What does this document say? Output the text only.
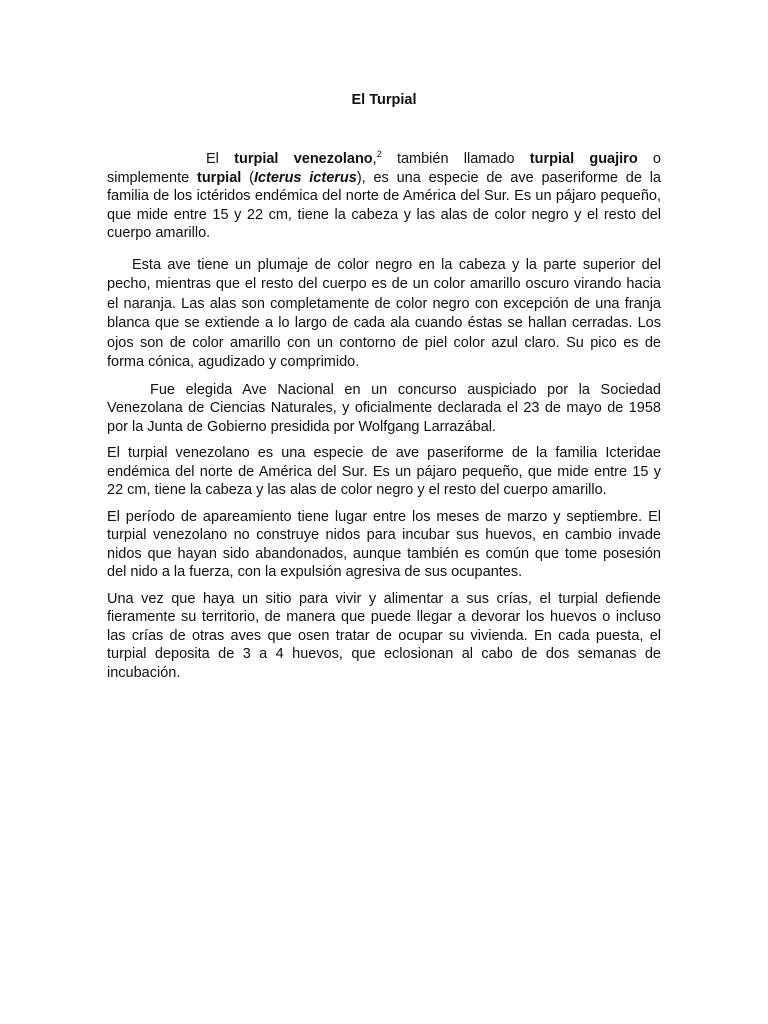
El Turpial

El turpial venezolano,$^2$ también llamado turpial guajiro o simplemente turpial (Icterus icterus), es una especie de ave paseriforme de la familia de los ictéridos endémica del norte de América del Sur. Es un pájaro pequeño, que mide entre 15 y 22 cm, tiene la cabeza y las alas de color negro y el resto del cuerpo amarillo.

Esta ave tiene un plumaje de color negro en la cabeza y la parte superior del pecho, mientras que el resto del cuerpo es de un color amarillo oscuro virando hacia el naranja. Las alas son completamente de color negro con excepción de una franja blanca que se extiende a lo largo de cada ala cuando éstas se hallan cerradas. Los ojos son de color amarillo con un contorno de piel color azul claro. Su pico es de forma cónica, agudizado y comprimido.

Fue elegida Ave Nacional en un concurso auspiciado por la Sociedad Venezolana de Ciencias Naturales, y oficialmente declarada el 23 de mayo de 1958 por la Junta de Gobierno presidida por Wolfgang Larrazábal.

El turpial venezolano es una especie de ave paseriforme de la familia Icteridae endémica del norte de América del Sur. Es un pájaro pequeño, que mide entre 15 y 22 cm, tiene la cabeza y las alas de color negro y el resto del cuerpo amarillo.

El período de apareamiento tiene lugar entre los meses de marzo y septiembre. El turpial venezolano no construye nidos para incubar sus huevos, en cambio invade nidos que hayan sido abandonados, aunque también es común que tome posesión del nido a la fuerza, con la expulsión agresiva de sus ocupantes.

Una vez que haya un sitio para vivir y alimentar a sus crías, el turpial defiende fieramente su territorio, de manera que puede llegar a devorar los huevos o incluso las crías de otras aves que osen tratar de ocupar su vivienda. En cada puesta, el turpial deposita de 3 a 4 huevos, que eclosionan al cabo de dos semanas de incubación.
